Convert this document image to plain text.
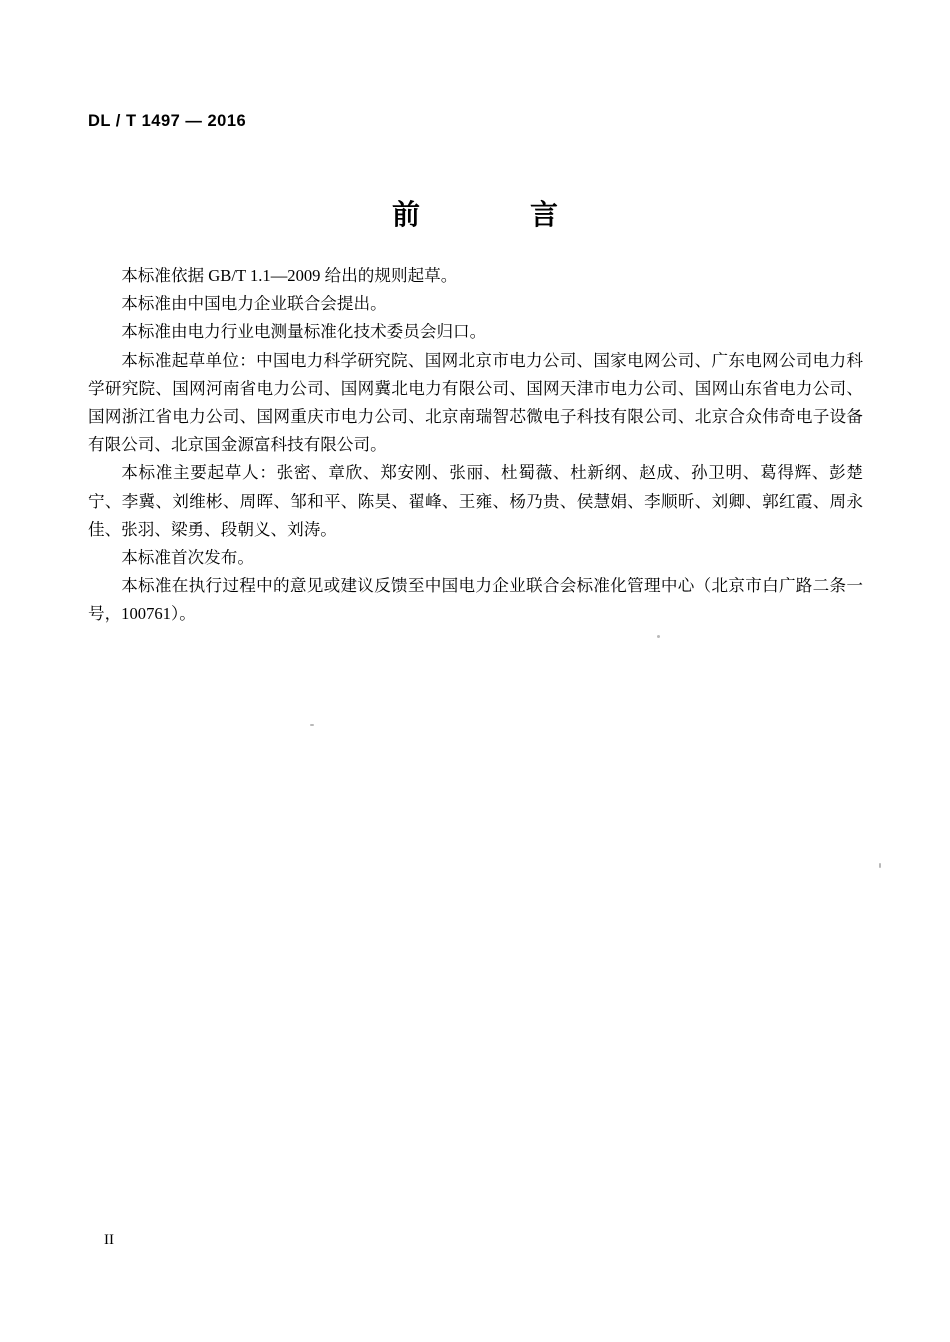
DL / T 1497 — 2016
前　　言

本标准依据 GB/T 1.1—2009 给出的规则起草。

本标准由中国电力企业联合会提出。

本标准由电力行业电测量标准化技术委员会归口。

本标准起草单位：中国电力科学研究院、国网北京市电力公司、国家电网公司、广东电网公司电力科学研究院、国网河南省电力公司、国网冀北电力有限公司、国网天津市电力公司、国网山东省电力公司、国网浙江省电力公司、国网重庆市电力公司、北京南瑞智芯微电子科技有限公司、北京合众伟奇电子设备有限公司、北京国金源富科技有限公司。

本标准主要起草人：张密、章欣、郑安刚、张丽、杜蜀薇、杜新纲、赵成、孙卫明、葛得辉、彭楚宁、李冀、刘维彬、周晖、邹和平、陈昊、翟峰、王雍、杨乃贵、侯慧娟、李顺昕、刘卿、郭红霞、周永佳、张羽、梁勇、段朝义、刘涛。

本标准首次发布。

本标准在执行过程中的意见或建议反馈至中国电力企业联合会标准化管理中心（北京市白广路二条一号，100761）。

II
